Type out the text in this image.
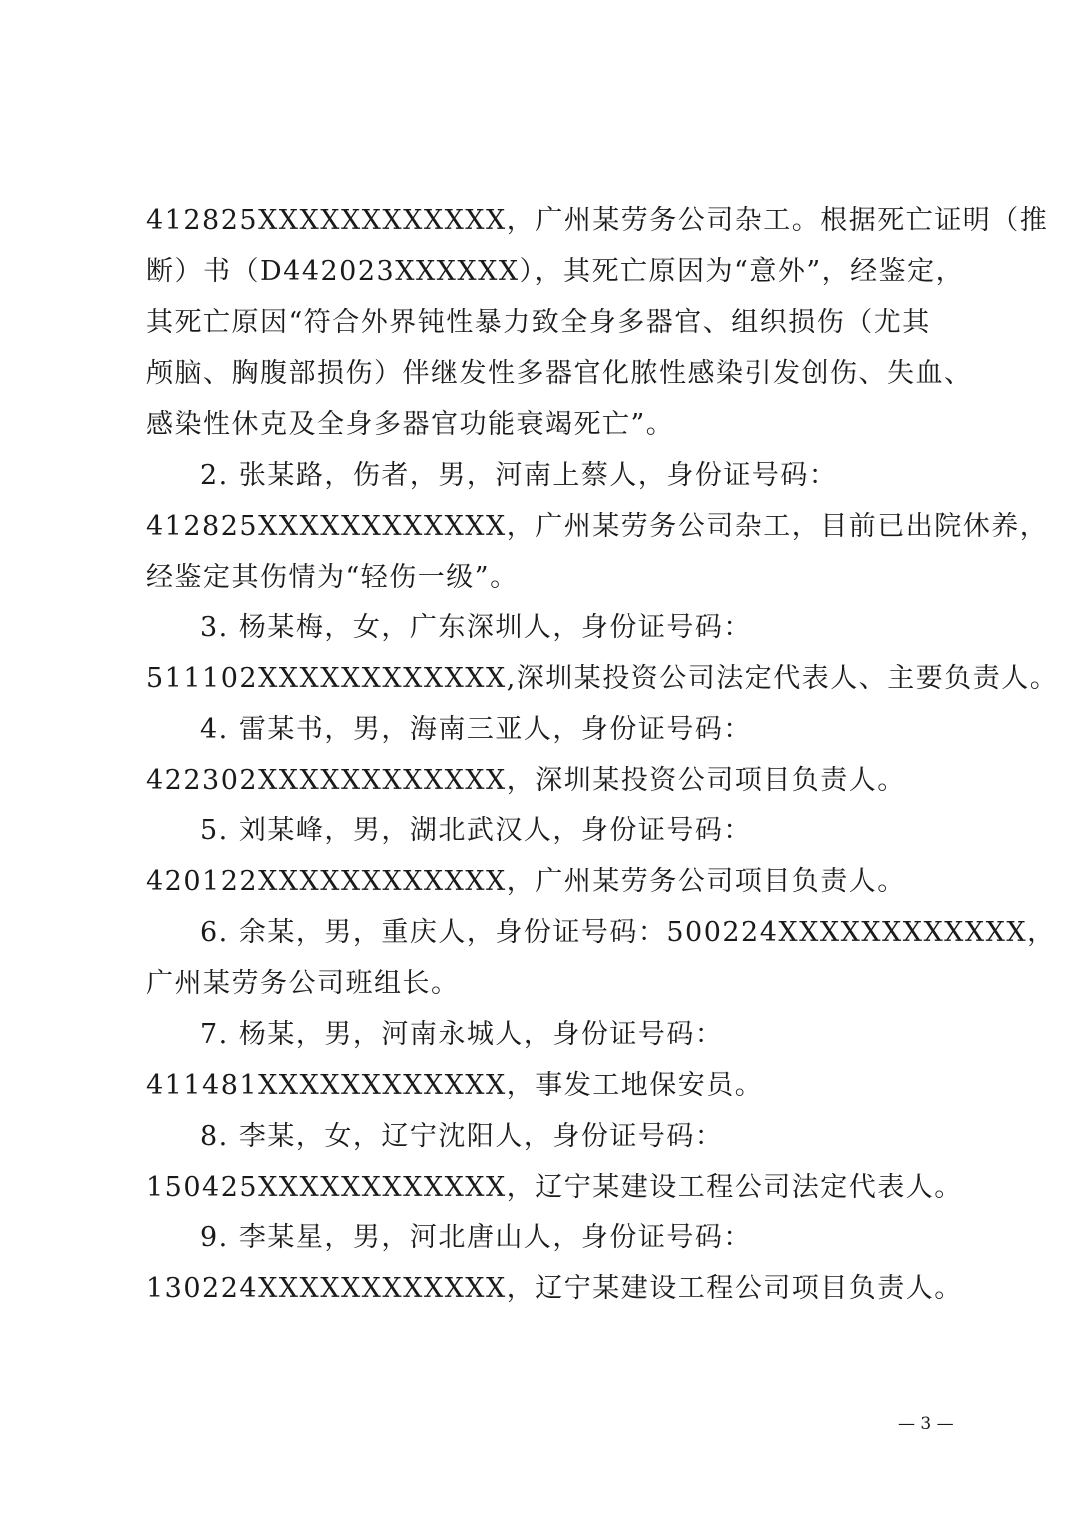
412825XXXXXXXXXXXX，广州某劳务公司杂工。根据死亡证明（推
断）书（D442023XXXXXX），其死亡原因为“意外”，经鉴定，
其死亡原因“符合外界钝性暴力致全身多器官、组织损伤（尤其
颅脑、胸腹部损伤）伴继发性多器官化脓性感染引发创伤、失血、
感染性休克及全身多器官功能衰竭死亡”。
2. 张某路，伤者，男，河南上蔡人，身份证号码：
412825XXXXXXXXXXXX，广州某劳务公司杂工，目前已出院休养，
经鉴定其伤情为“轻伤一级”。
3. 杨某梅，女，广东深圳人，身份证号码：
511102XXXXXXXXXXXX,深圳某投资公司法定代表人、主要负责人。
4. 雷某书，男，海南三亚人，身份证号码：
422302XXXXXXXXXXXX，深圳某投资公司项目负责人。
5. 刘某峰，男，湖北武汉人，身份证号码：
420122XXXXXXXXXXXX，广州某劳务公司项目负责人。
6. 余某，男，重庆人，身份证号码：500224XXXXXXXXXXXX，
广州某劳务公司班组长。
7. 杨某，男，河南永城人，身份证号码：
411481XXXXXXXXXXXX，事发工地保安员。
8. 李某，女，辽宁沈阳人，身份证号码：
150425XXXXXXXXXXXX，辽宁某建设工程公司法定代表人。
9. 李某星，男，河北唐山人，身份证号码：
130224XXXXXXXXXXXX，辽宁某建设工程公司项目负责人。
— 3 —
